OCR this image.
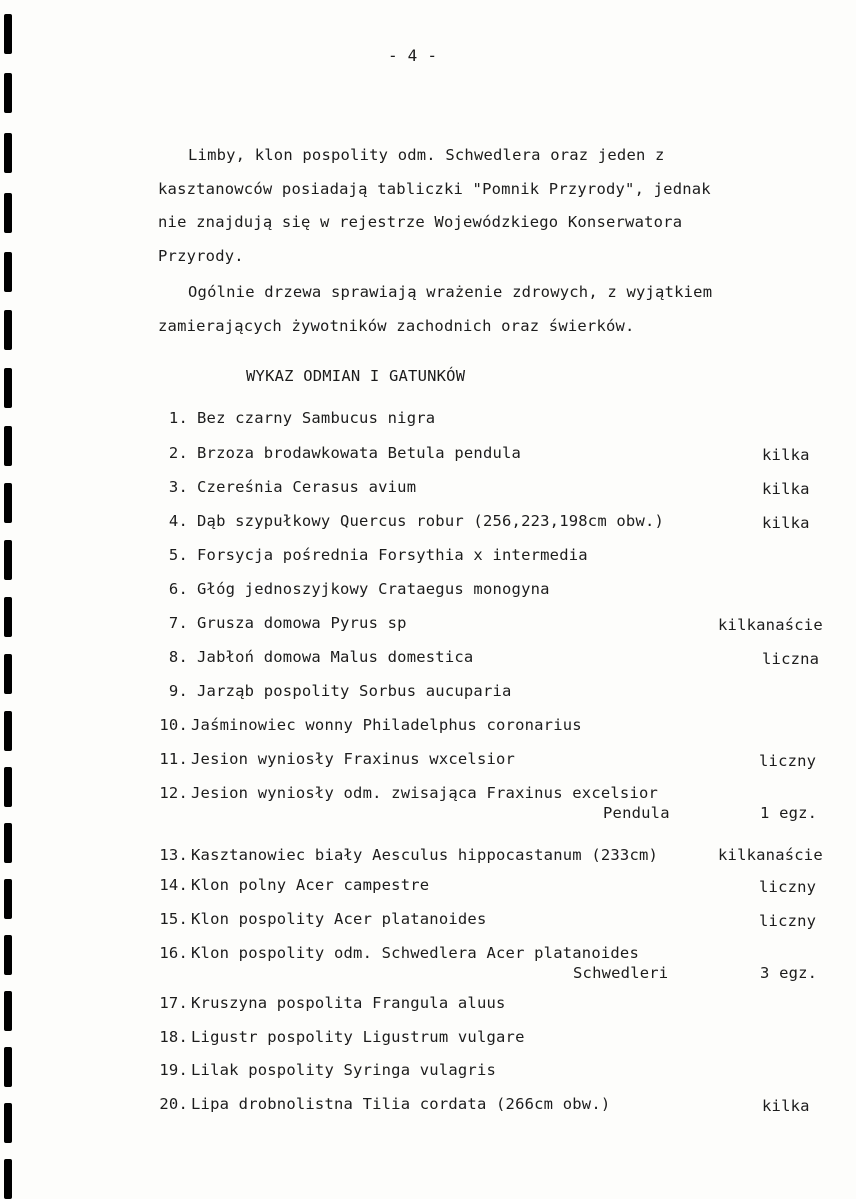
- 4 -
Limby, klon pospolity odm. Schwedlera oraz jeden z
kasztanowców posiadają tabliczki "Pomnik Przyrody", jednak
nie znajdują się w rejestrze Wojewódzkiego Konserwatora
Przyrody.
Ogólnie drzewa sprawiają wrażenie zdrowych, z wyjątkiem
zamierających żywotników zachodnich oraz świerków.
WYKAZ ODMIAN I GATUNKÓW
1. Bez czarny Sambucus nigra
2. Brzoza brodawkowata Betula pendula	kilka
3. Czereśnia Cerasus avium	kilka
4. Dąb szypułkowy Quercus robur (256,223,198cm obw.)	kilka
5. Forsycja pośrednia Forsythia x intermedia
6. Głóg jednoszyjkowy Crataegus monogyna
7. Grusza domowa Pyrus sp	kilkanaście
8. Jabłoń domowa Malus domestica	liczna
9. Jarząb pospolity Sorbus aucuparia
10. Jaśminowiec wonny Philadelphus coronarius
11. Jesion wyniosły Fraxinus wxcelsior	liczny
12. Jesion wyniosły odm. zwisająca Fraxinus excelsior
Pendula	1 egz.
13. Kasztanowiec biały Aesculus hippocastanum (233cm)	kilkanaście
14. Klon polny Acer campestre	liczny
15. Klon pospolity Acer platanoides	liczny
16. Klon pospolity odm. Schwedlera Acer platanoides
Schwedleri	3 egz.
17. Kruszyna pospolita Frangula aluus
18. Ligustr pospolity Ligustrum vulgare
19. Lilak pospolity Syringa vulagris
20. Lipa drobnolistna Tilia cordata (266cm obw.)	kilka
